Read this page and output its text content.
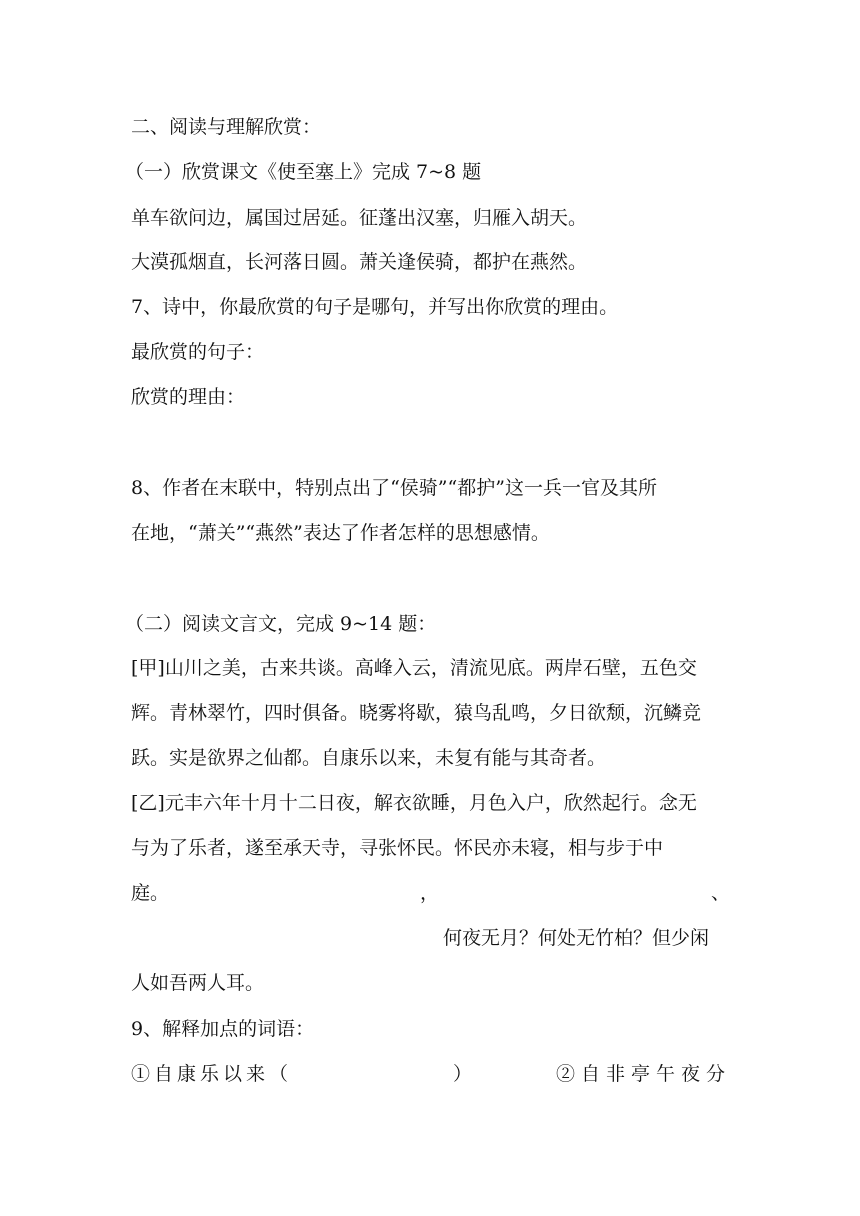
二、阅读与理解欣赏：
（一）欣赏课文《使至塞上》完成 7~8 题
单车欲问边，属国过居延。征蓬出汉塞，归雁入胡天。
大漠孤烟直，长河落日圆。萧关逢侯骑，都护在燕然。
7、诗中，你最欣赏的句子是哪句，并写出你欣赏的理由。
最欣赏的句子：
欣赏的理由：
8、作者在末联中，特别点出了“侯骑”“都护”这一兵一官及其所
在地，“萧关”“燕然”表达了作者怎样的思想感情。
（二）阅读文言文，完成 9~14 题：
[甲]山川之美，古来共谈。高峰入云，清流见底。两岸石壁，五色交
辉。青林翠竹，四时俱备。晓雾将歇，猿鸟乱鸣，夕日欲颓，沉鳞竞
跃。实是欲界之仙都。自康乐以来，未复有能与其奇者。
[乙]元丰六年十月十二日夜，解衣欲睡，月色入户，欣然起行。念无
与为了乐者，遂至承天寺，寻张怀民。怀民亦未寝，相与步于中
庭。	，	、
何夜无月？何处无竹柏？但少闲
人如吾两人耳。
9、解释加点的词语：
①自康乐以来（	）	②自非亭午夜分
